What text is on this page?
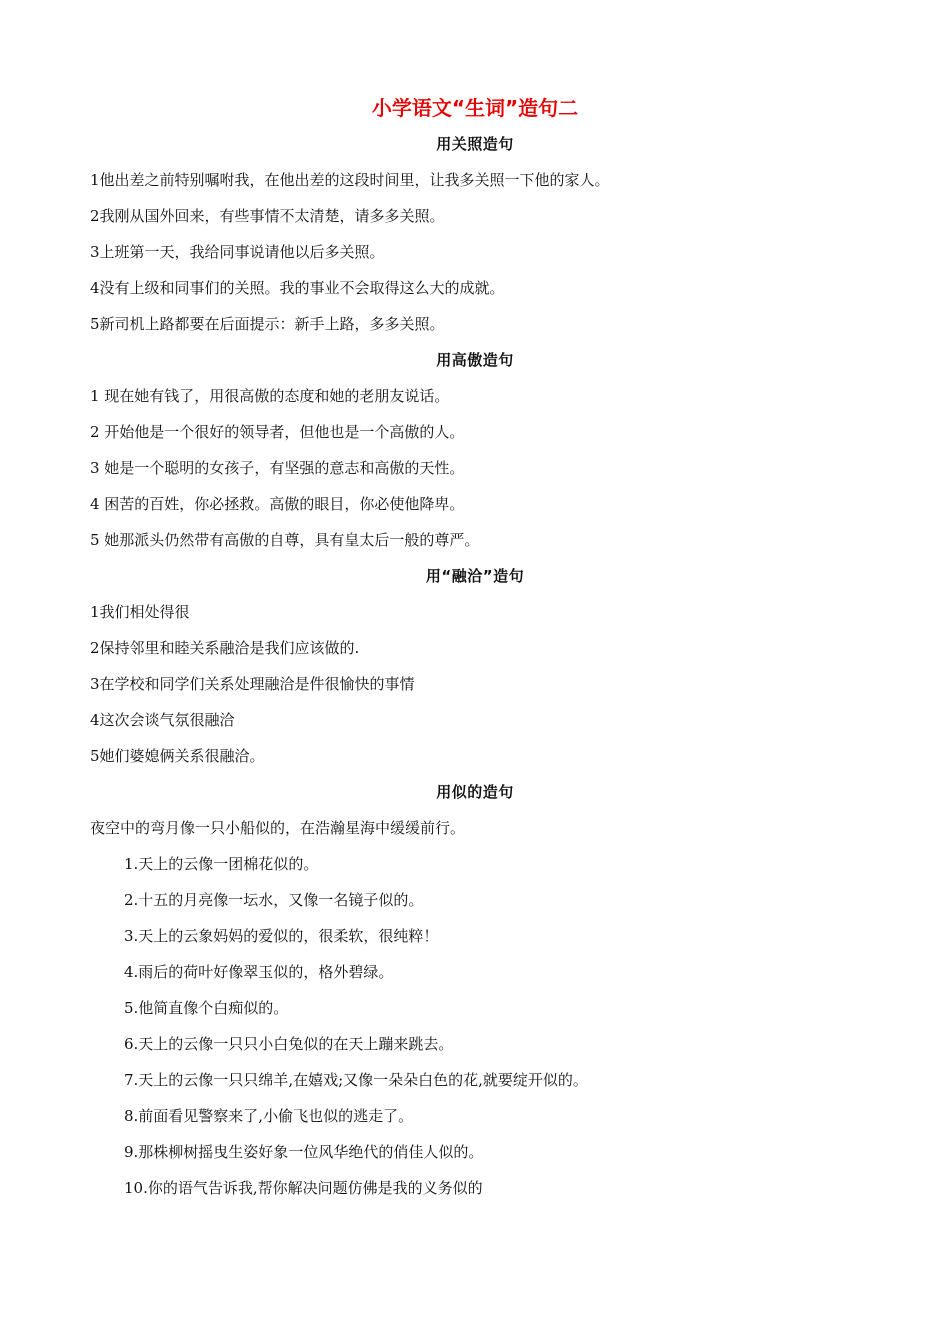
小学语文“生词”造句二
用关照造句
1他出差之前特别嘱咐我，在他出差的这段时间里，让我多关照一下他的家人。
2我刚从国外回来，有些事情不太清楚，请多多关照。
3上班第一天，我给同事说请他以后多关照。
4没有上级和同事们的关照。我的事业不会取得这么大的成就。
5新司机上路都要在后面提示：新手上路，多多关照。
用高傲造句
1 现在她有钱了，用很高傲的态度和她的老朋友说话。
2 开始他是一个很好的领导者，但他也是一个高傲的人。
3 她是一个聪明的女孩子，有坚强的意志和高傲的天性。
4 困苦的百姓，你必拯救。高傲的眼目，你必使他降卑。
5 她那派头仍然带有高傲的自尊，具有皇太后一般的尊严。
用“融洽”造句
1我们相处得很
2保持邻里和睦关系融洽是我们应该做的.
3在学校和同学们关系处理融洽是件很愉快的事情
4这次会谈气氛很融洽
5她们婆媳俩关系很融洽。
用似的造句
夜空中的弯月像一只小船似的，在浩瀚星海中缓缓前行。
1.天上的云像一团棉花似的。
2.十五的月亮像一坛水，又像一名镜子似的。
3.天上的云象妈妈的爱似的，很柔软，很纯粹！
4.雨后的荷叶好像翠玉似的，格外碧绿。
5.他简直像个白痴似的。
6.天上的云像一只只小白兔似的在天上蹦来跳去。
7.天上的云像一只只绵羊,在嬉戏;又像一朵朵白色的花,就要绽开似的。
8.前面看见警察来了,小偷飞也似的逃走了。
9.那株柳树摇曳生姿好象一位风华绝代的俏佳人似的。
10.你的语气告诉我,帮你解决问题仿佛是我的义务似的
